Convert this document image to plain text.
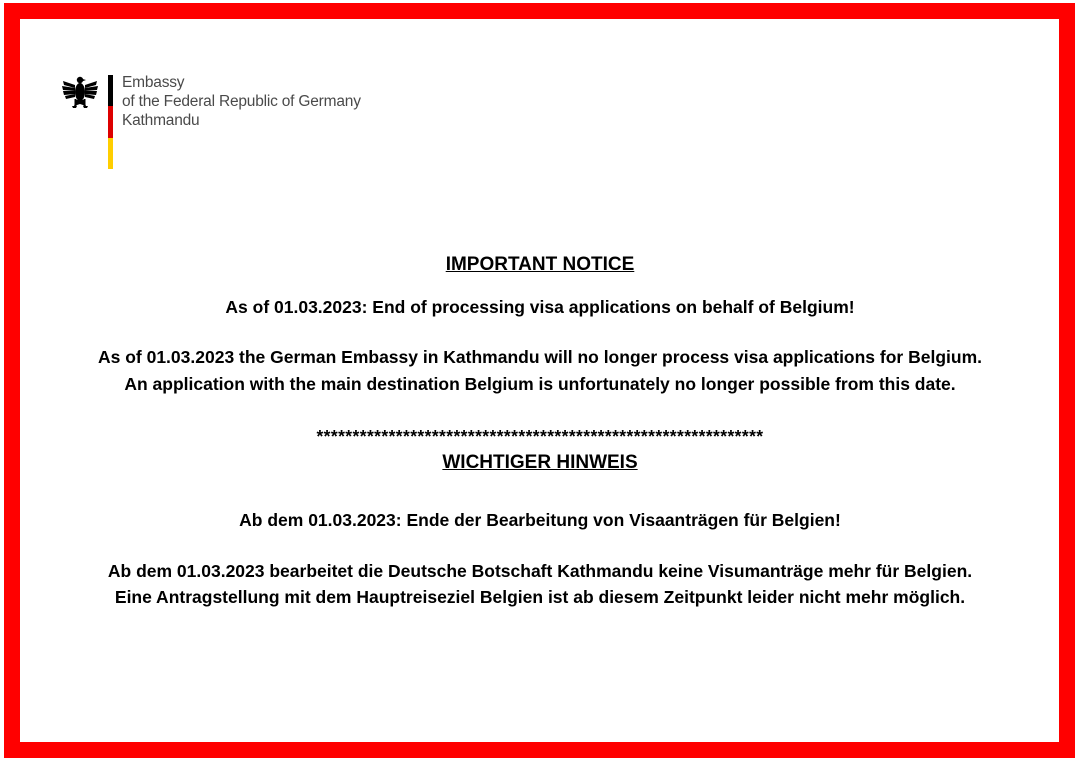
Embassy
of the Federal Republic of Germany
Kathmandu
IMPORTANT NOTICE
As of 01.03.2023: End of processing visa applications on behalf of Belgium!
As of 01.03.2023 the German Embassy in Kathmandu will no longer process visa applications for Belgium.
An application with the main destination Belgium is unfortunately no longer possible from this date.
**************************************************************
WICHTIGER HINWEIS
Ab dem 01.03.2023: Ende der Bearbeitung von Visaanträgen für Belgien!
Ab dem 01.03.2023 bearbeitet die Deutsche Botschaft Kathmandu keine Visumanträge mehr für Belgien.
Eine Antragstellung mit dem Hauptreiseziel Belgien ist ab diesem Zeitpunkt leider nicht mehr möglich.
